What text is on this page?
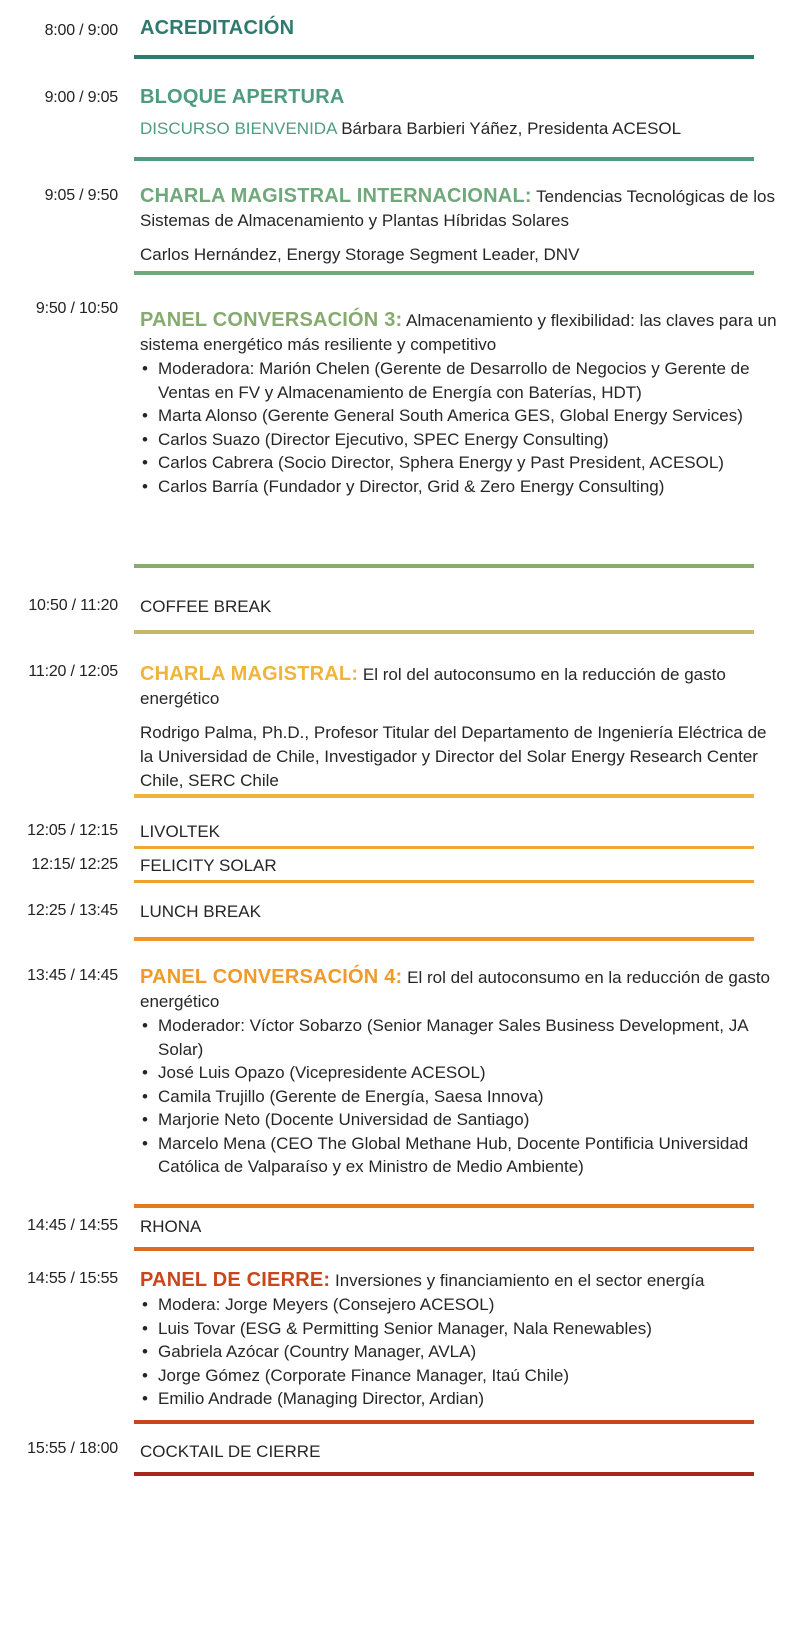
8:00 / 9:00 ACREDITACIÓN
9:00 / 9:05 BLOQUE APERTURA
DISCURSO BIENVENIDA Bárbara Barbieri Yáñez, Presidenta ACESOL
9:05 / 9:50 CHARLA MAGISTRAL INTERNACIONAL: Tendencias Tecnológicas de los Sistemas de Almacenamiento y Plantas Híbridas Solares
Carlos Hernández, Energy Storage Segment Leader, DNV
9:50 / 10:50
PANEL CONVERSACIÓN 3: Almacenamiento y flexibilidad: las claves para un sistema energético más resiliente y competitivo
• Moderadora: Marión Chelen (Gerente de Desarrollo de Negocios y Gerente de Ventas en FV y Almacenamiento de Energía con Baterías, HDT)
• Marta Alonso (Gerente General South America GES, Global Energy Services)
• Carlos Suazo (Director Ejecutivo, SPEC Energy Consulting)
• Carlos Cabrera (Socio Director, Sphera Energy y Past President, ACESOL)
• Carlos Barría (Fundador y Director, Grid & Zero Energy Consulting)
10:50 / 11:20 COFFEE BREAK
11:20 / 12:05 CHARLA MAGISTRAL: El rol del autoconsumo en la reducción de gasto energético
Rodrigo Palma, Ph.D., Profesor Titular del Departamento de Ingeniería Eléctrica de la Universidad de Chile, Investigador y Director del Solar Energy Research Center Chile, SERC Chile
12:05 / 12:15 LIVOLTEK
12:15/ 12:25 FELICITY SOLAR
12:25 / 13:45 LUNCH BREAK
13:45 / 14:45 PANEL CONVERSACIÓN 4: El rol del autoconsumo en la reducción de gasto energético
• Moderador: Víctor Sobarzo (Senior Manager Sales Business Development, JA Solar)
• José Luis Opazo (Vicepresidente ACESOL)
• Camila Trujillo (Gerente de Energía, Saesa Innova)
• Marjorie Neto (Docente Universidad de Santiago)
• Marcelo Mena (CEO The Global Methane Hub, Docente Pontificia Universidad Católica de Valparaíso y ex Ministro de Medio Ambiente)
14:45 / 14:55 RHONA
14:55 / 15:55 PANEL DE CIERRE: Inversiones y financiamiento en el sector energía
• Modera: Jorge Meyers (Consejero ACESOL)
• Luis Tovar (ESG & Permitting Senior Manager, Nala Renewables)
• Gabriela Azócar (Country Manager, AVLA)
• Jorge Gómez (Corporate Finance Manager, Itaú Chile)
• Emilio Andrade (Managing Director, Ardian)
15:55 / 18:00 COCKTAIL DE CIERRE
